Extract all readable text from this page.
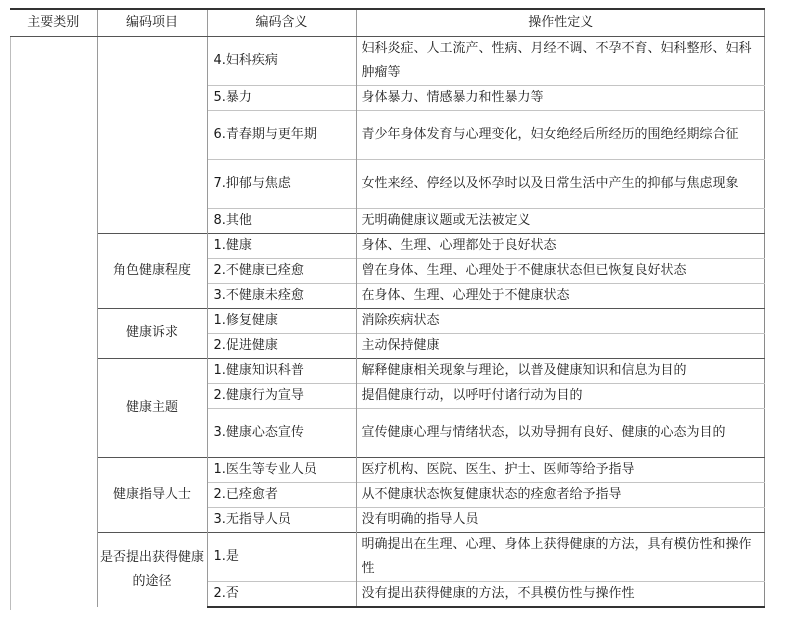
主要类别	编码项目	编码含义	操作性定义
		4.妇科疾病	妇科炎症、人工流产、性病、月经不调、不孕不育、妇科整形、妇科肿瘤等
		5.暴力	身体暴力、情感暴力和性暴力等
		6.青春期与更年期	青少年身体发育与心理变化，妇女绝经后所经历的围绝经期综合征
		7.抑郁与焦虑	女性来经、停经以及怀孕时以及日常生活中产生的抑郁与焦虑现象
		8.其他	无明确健康议题或无法被定义
	角色健康程度	1.健康	身体、生理、心理都处于良好状态
		2.不健康已痊愈	曾在身体、生理、心理处于不健康状态但已恢复良好状态
		3.不健康未痊愈	在身体、生理、心理处于不健康状态
	健康诉求	1.修复健康	消除疾病状态
		2.促进健康	主动保持健康
	健康主题	1.健康知识科普	解释健康相关现象与理论，以普及健康知识和信息为目的
		2.健康行为宣导	提倡健康行动，以呼吁付诸行动为目的
		3.健康心态宣传	宣传健康心理与情绪状态，以劝导拥有良好、健康的心态为目的
	健康指导人士	1.医生等专业人员	医疗机构、医院、医生、护士、医师等给予指导
		2.已痊愈者	从不健康状态恢复健康状态的痊愈者给予指导
		3.无指导人员	没有明确的指导人员
	是否提出获得健康的途径	1.是	明确提出在生理、心理、身体上获得健康的方法，具有模仿性和操作性
		2.否	没有提出获得健康的方法，不具模仿性与操作性
